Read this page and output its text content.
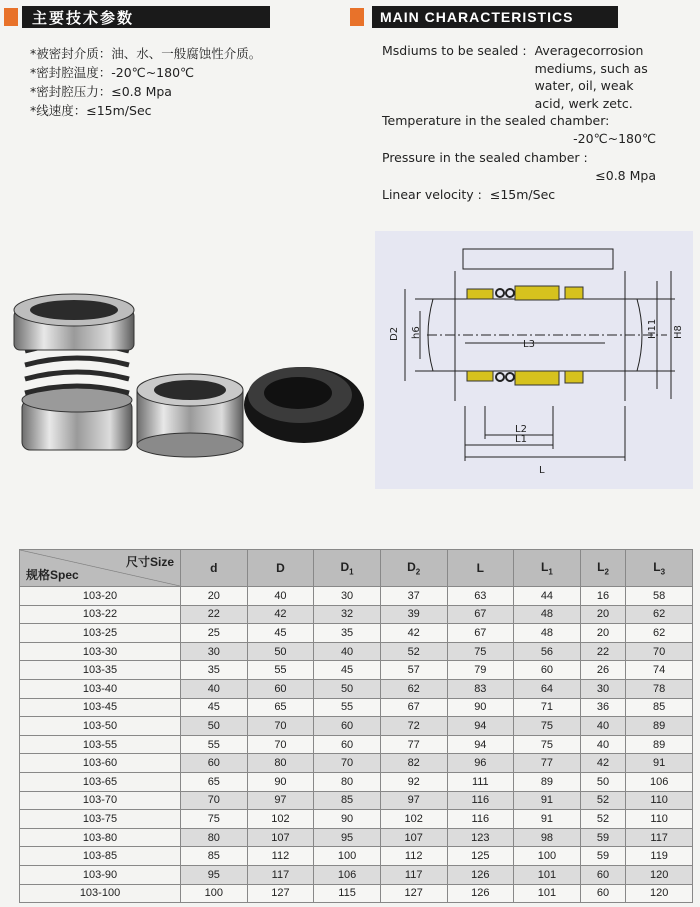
主要技术参数	MAIN CHARACTERISTICS
*被密封介质：油、水、一般腐蚀性介质。
*密封腔温度：-20℃~180℃
*密封腔压力：≤0.8 Mpa
*线速度：≤15m/Sec
Msdiums to be sealed : Averagecorrosion mediums, such as water, oil, weak acid, werk zetc.
Temperature in the sealed chamber:
-20℃~180℃
Pressure in the sealed chamber :
≤0.8 Mpa
Linear velocity : ≤15m/Sec
D2 h6
L3
H11 H8
L2
L1
L
尺寸Size
规格Spec	d	D	$D_1$	$D_2$	L	$L_1$	$L_2$	$L_3$
103-20	20	40	30	37	63	44	16	58
103-22	22	42	32	39	67	48	20	62
103-25	25	45	35	42	67	48	20	62
103-30	30	50	40	52	75	56	22	70
103-35	35	55	45	57	79	60	26	74
103-40	40	60	50	62	83	64	30	78
103-45	45	65	55	67	90	71	36	85
103-50	50	70	60	72	94	75	40	89
103-55	55	70	60	77	94	75	40	89
103-60	60	80	70	82	96	77	42	91
103-65	65	90	80	92	111	89	50	106
103-70	70	97	85	97	116	91	52	110
103-75	75	102	90	102	116	91	52	110
103-80	80	107	95	107	123	98	59	117
103-85	85	112	100	112	125	100	59	119
103-90	95	117	106	117	126	101	60	120
103-100	100	127	115	127	126	101	60	120
